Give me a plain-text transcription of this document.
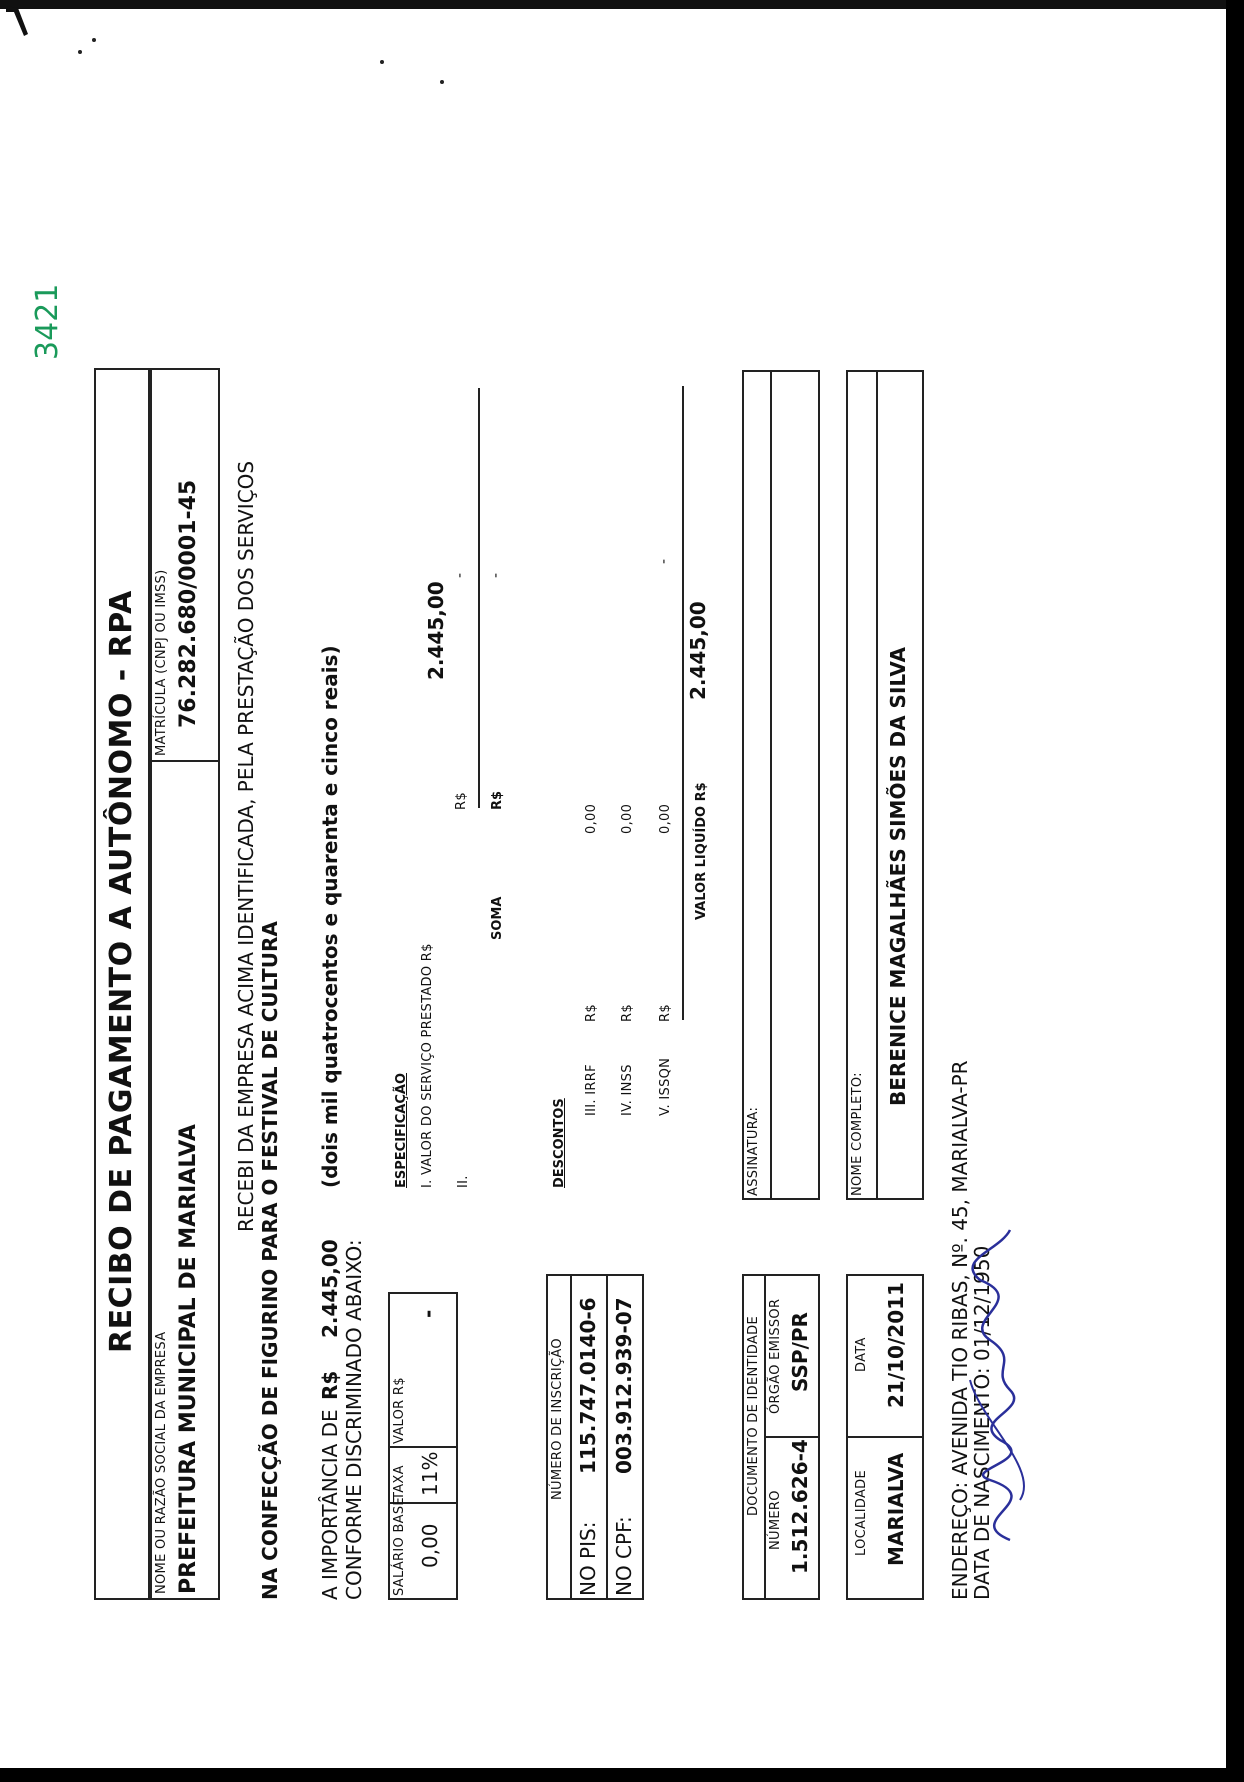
3421
RECIBO DE PAGAMENTO A AUTÔNOMO - RPA
NOME OU RAZÃO SOCIAL DA EMPRESA PREFEITURA MUNICIPAL DE MARIALVA
MATRÍCULA (CNPJ OU IMSS) 76.282.680/0001-45 RECEBI DA EMPRESA ACIMA IDENTIFICADA, PELA PRESTAÇÃO DOS SERVIÇOS
NA CONFECÇÃO DE FIGURINO PARA O FESTIVAL DE CULTURA A IMPORTÂNCIA DE
R$
2.445,00
(dois mil quatrocentos e quarenta e cinco reais)
CONFORME DISCRIMINADO ABAIXO: SALÁRIO BASE 0,00
TAXA 11%
VALOR R$
-
ESPECIFICAÇÃO I. VALOR DO SERVIÇO PRESTADO R$
2.445,00
II.
R$
-
SOMA
R$
-
NÚMERO DE INSCRIÇÃO
NO PIS:
115.747.0140-6
NO CPF:
003.912.939-07
DESCONTOS
III. IRRF
R$
0,00
IV. INSS
R$
0,00
V. ISSQN
R$
0,00
-
VALOR LIQUÍDO R$
2.445,00
DOCUMENTO DE IDENTIDADE
NÚMERO 1.512.626-4
ÓRGÃO EMISSOR SSP/PR
ASSINATURA:
LOCALIDADE MARIALVA
DATA 21/10/2011
NOME COMPLETO:
BERENICE MAGALHÃES SIMÕES DA SILVA
ENDEREÇO: AVENIDA TIO RIBAS, Nº. 45, MARIALVA-PR
DATA DE NASCIMENTO: 01/12/1950
